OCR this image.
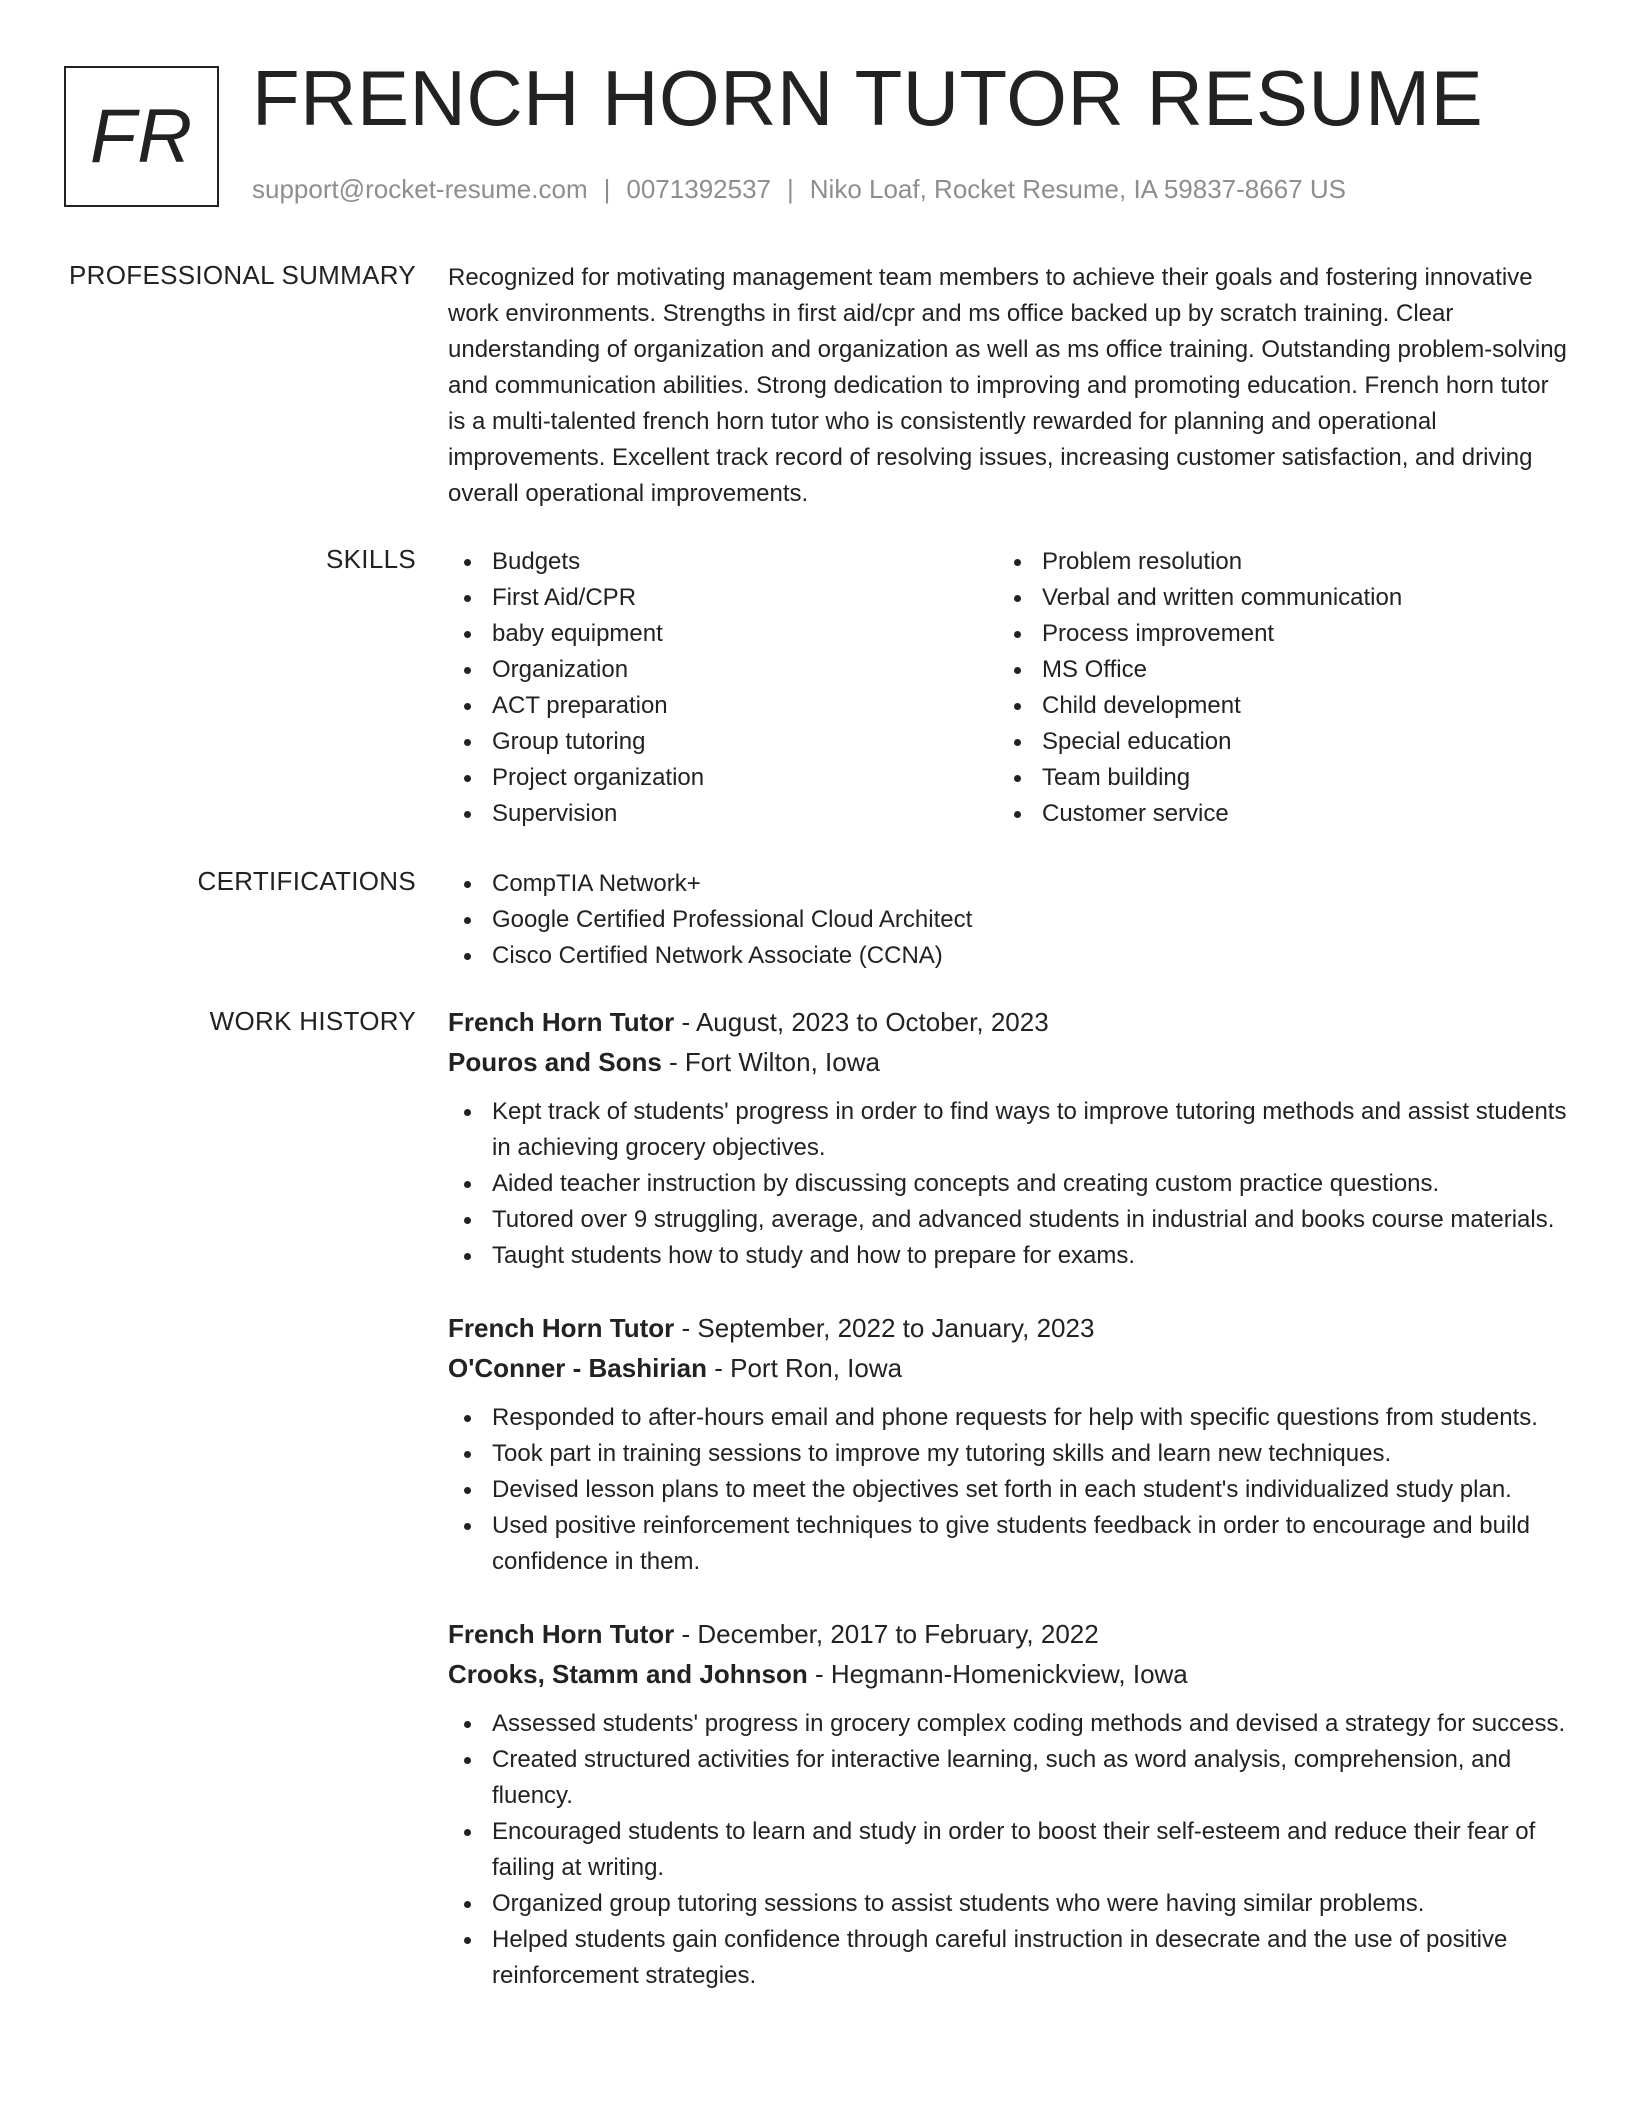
FR FRENCH HORN TUTOR RESUME
support@rocket-resume.com | 0071392537 | Niko Loaf, Rocket Resume, IA 59837-8667 US
PROFESSIONAL SUMMARY Recognized for motivating management team members to achieve their goals and fostering innovative work environments. Strengths in first aid/cpr and ms office backed up by scratch training. Clear understanding of organization and organization as well as ms office training. Outstanding problem-solving and communication abilities. Strong dedication to improving and promoting education. French horn tutor is a multi-talented french horn tutor who is consistently rewarded for planning and operational improvements. Excellent track record of resolving issues, increasing customer satisfaction, and driving overall operational improvements.

SKILLS	Budgets
First Aid/CPR
baby equipment
Organization
ACT preparation
Group tutoring
Project organization
Supervision
Problem resolution
Verbal and written communication
Process improvement
MS Office
Child development
Special education
Team building
Customer service
CERTIFICATIONS	CompTIA Network+
Google Certified Professional Cloud Architect
Cisco Certified Network Associate (CCNA)
WORK HISTORY French Horn Tutor - August, 2023 to October, 2023
Pouros and Sons - Fort Wilton, Iowa
Kept track of students' progress in order to find ways to improve tutoring methods and assist students in achieving grocery objectives.
Aided teacher instruction by discussing concepts and creating custom practice questions.
Tutored over 9 struggling, average, and advanced students in industrial and books course materials.
Taught students how to study and how to prepare for exams.
French Horn Tutor - September, 2022 to January, 2023
O'Conner - Bashirian - Port Ron, Iowa
Responded to after-hours email and phone requests for help with specific questions from students.
Took part in training sessions to improve my tutoring skills and learn new techniques.
Devised lesson plans to meet the objectives set forth in each student's individualized study plan.
Used positive reinforcement techniques to give students feedback in order to encourage and build confidence in them.
French Horn Tutor - December, 2017 to February, 2022
Crooks, Stamm and Johnson - Hegmann-Homenickview, Iowa
Assessed students' progress in grocery complex coding methods and devised a strategy for success.
Created structured activities for interactive learning, such as word analysis, comprehension, and fluency.
Encouraged students to learn and study in order to boost their self-esteem and reduce their fear of failing at writing.
Organized group tutoring sessions to assist students who were having similar problems.
Helped students gain confidence through careful instruction in desecrate and the use of positive reinforcement strategies.
